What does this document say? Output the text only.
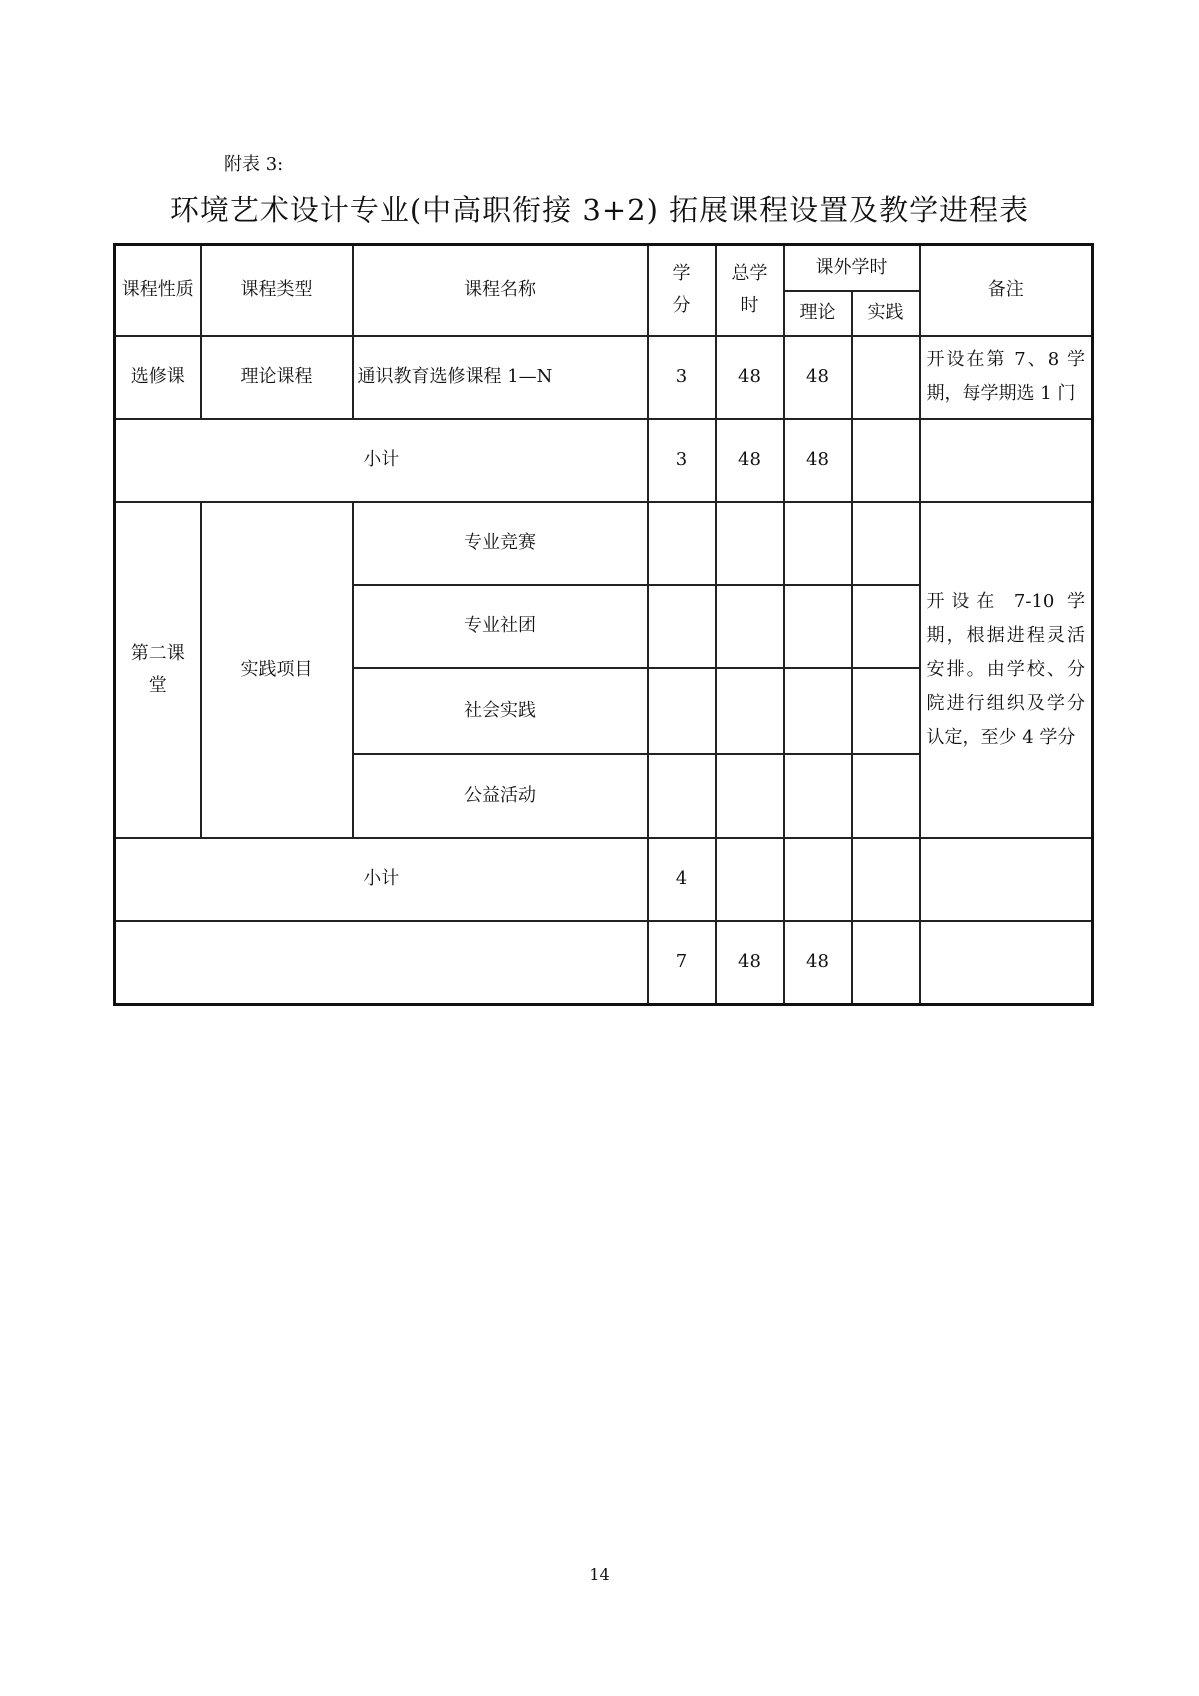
附表 3:
环境艺术设计专业(中高职衔接 3+2) 拓展课程设置及教学进程表
课程性质	课程类型	课程名称	学分	总学时	课外学时		备注
					理论	实践	
选修课	理论课程	通识教育选修课程 1—N	3	48	48		开设在第 7、8 学期，每学期选 1 门
小计			3	48	48		
第二课堂	实践项目	专业竞赛					开设在 7-10 学期，根据进程灵活安排。由学校、分院进行组织及学分认定，至少 4 学分
		专业社团					
		社会实践					
		公益活动					
小计			4				
			7	48	48		
14
